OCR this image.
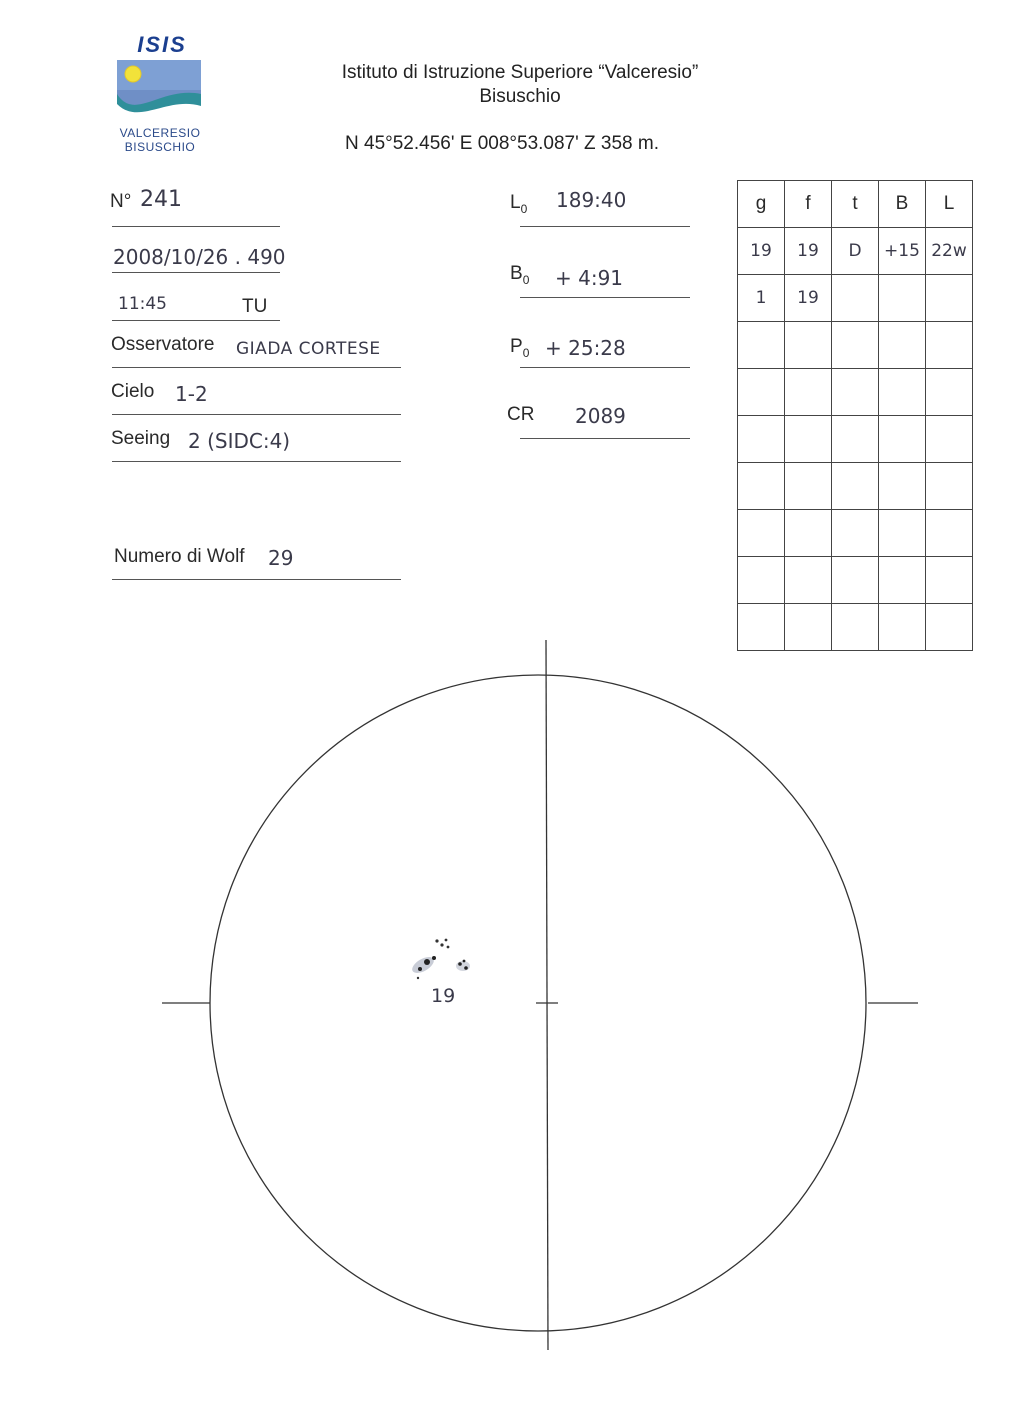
ISIS
VALCERESIO
BISUSCHIO
Istituto di Istruzione Superiore “Valceresio”
Bisuschio
N 45°52.456' E 008°53.087' Z 358 m.
N° 241
2008/10/26 . 490
11:45	TU
Osservatore GIADA CORTESE
Cielo 1-2
Seeing 2 (SIDC:4)
Numero di Wolf 29
$L_0$ 189:40
$B_0$ + 4:91
$P_0$ + 25:28
CR 2089
g	f	t	B	L
19	19	D	+15	22w
1	19			

19
